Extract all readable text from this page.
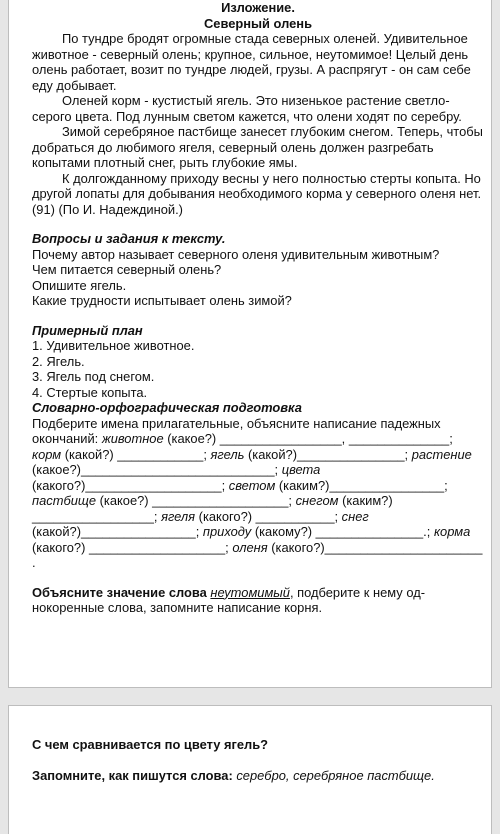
Изложение.

Северный олень

По тундре бродят огромные стада северных оленей. Удивительное животное - северный олень; крупное, сильное, неутомимое! Целый день олень работает, возит по тундре людей, грузы. А распрягут - он сам себе еду добывает.

Оленей корм - кустистый ягель. Это низенькое растение светло-серого цвета. Под лунным светом кажется, что олени ходят по серебру.

Зимой серебряное пастбище занесет глубоким снегом. Теперь, чтобы добраться до любимого ягеля, северный олень должен разгребать копытами плотный снег, рыть глубокие ямы.

К долгожданному приходу весны у него полностью стерты копыта. Но другой лопаты для добывания необходимого корма у северного оленя нет. (91) (По И. Надеждиной.)

Вопросы и задания к тексту.

Почему автор называет северного оленя удивительным животным?

Чем питается северный олень?

Опишите ягель.

Какие трудности испытывает олень зимой?

Примерный план

1. Удивительное животное.

2. Ягель.

3. Ягель под снегом.

4. Стертые копыта.

Словарно-орфографическая подготовка

Подберите имена прилагательные, объясните написание падежных окончаний: животное (какое?) _________________, ______________; корм (какой?) ____________; ягель (какой?)_______________; растение (какое?)___________________________; цвета (какого?)___________________; светом (каким?)________________; пастбище (какое?) ___________________; снегом (каким?) _________________; ягеля (какого?) ___________; снег (какой?)________________; приходу (какому?) _______________.; корма (какого?) ___________________; оленя (какого?)______________________ .

Объясните значение слова неутомимый, подберите к нему од-нокоренные слова, запомните написание корня.

С чем сравнивается по цвету ягель?

Запомните, как пишутся слова: серебро, серебряное пастбище.
